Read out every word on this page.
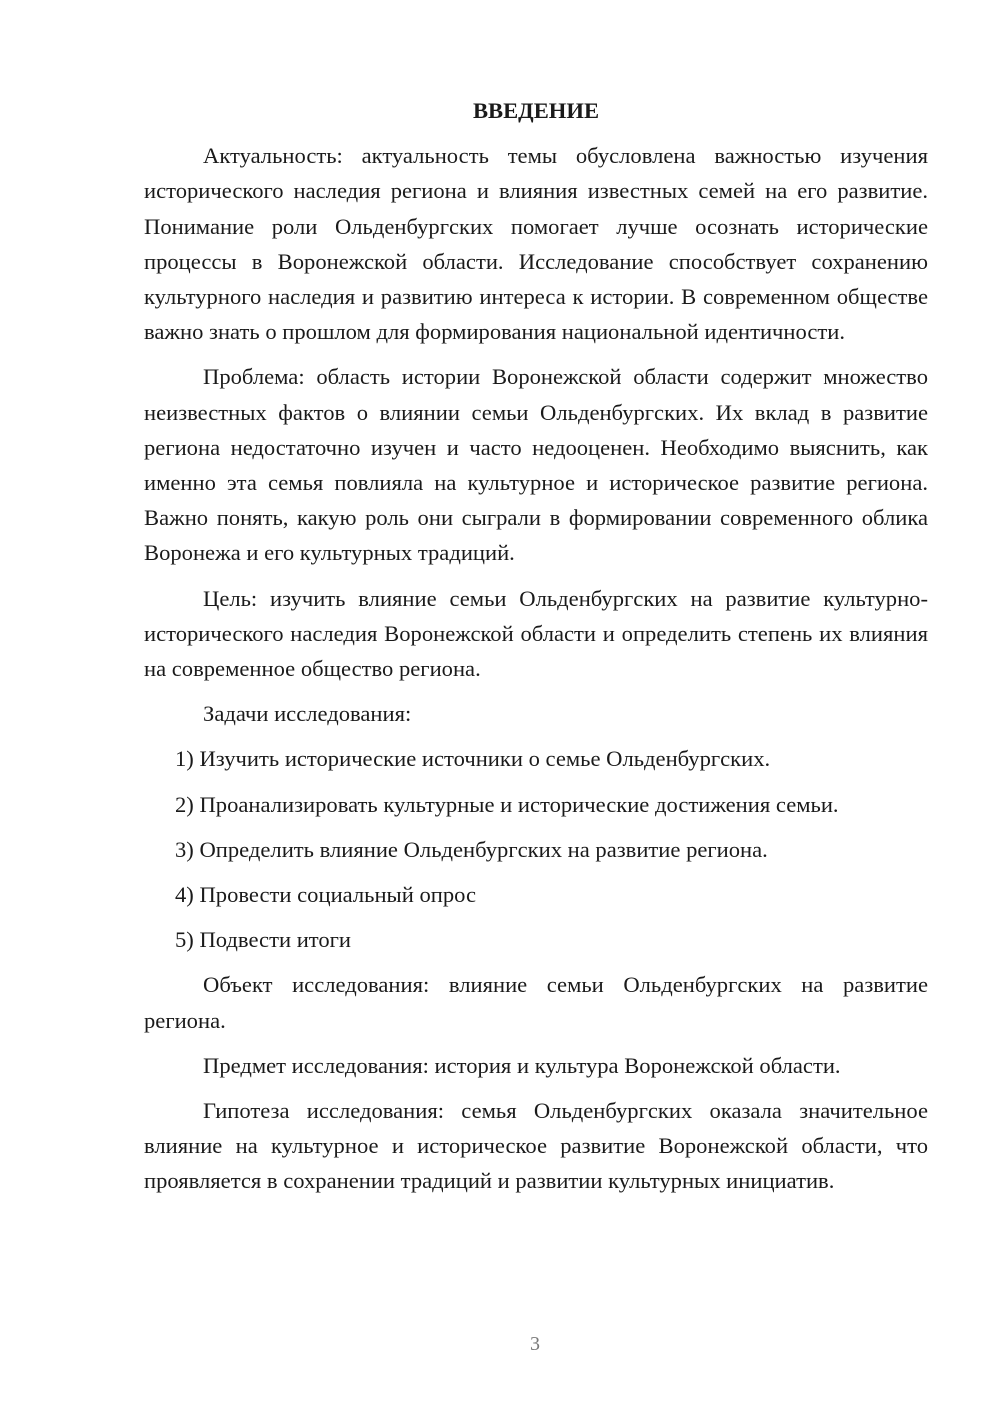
ВВЕДЕНИЕ

Актуальность: актуальность темы обусловлена важностью изучения исторического наследия региона и влияния известных семей на его развитие. Понимание роли Ольденбургских помогает лучше осознать исторические процессы в Воронежской области. Исследование способствует сохранению культурного наследия и развитию интереса к истории. В современном обществе важно знать о прошлом для формирования национальной идентичности.

Проблема: область истории Воронежской области содержит множество неизвестных фактов о влиянии семьи Ольденбургских. Их вклад в развитие региона недостаточно изучен и часто недооценен. Необходимо выяснить, как именно эта семья повлияла на культурное и историческое развитие региона. Важно понять, какую роль они сыграли в формировании современного облика Воронежа и его культурных традиций.

Цель: изучить влияние семьи Ольденбургских на развитие культурно-исторического наследия Воронежской области и определить степень их влияния на современное общество региона.

Задачи исследования:
1) Изучить исторические источники о семье Ольденбургских.
2) Проанализировать культурные и исторические достижения семьи.
3) Определить влияние Ольденбургских на развитие региона.
4) Провести социальный опрос
5) Подвести итоги

Объект исследования: влияние семьи Ольденбургских на развитие региона.

Предмет исследования: история и культура Воронежской области.

Гипотеза исследования: семья Ольденбургских оказала значительное влияние на культурное и историческое развитие Воронежской области, что проявляется в сохранении традиций и развитии культурных инициатив.

3
